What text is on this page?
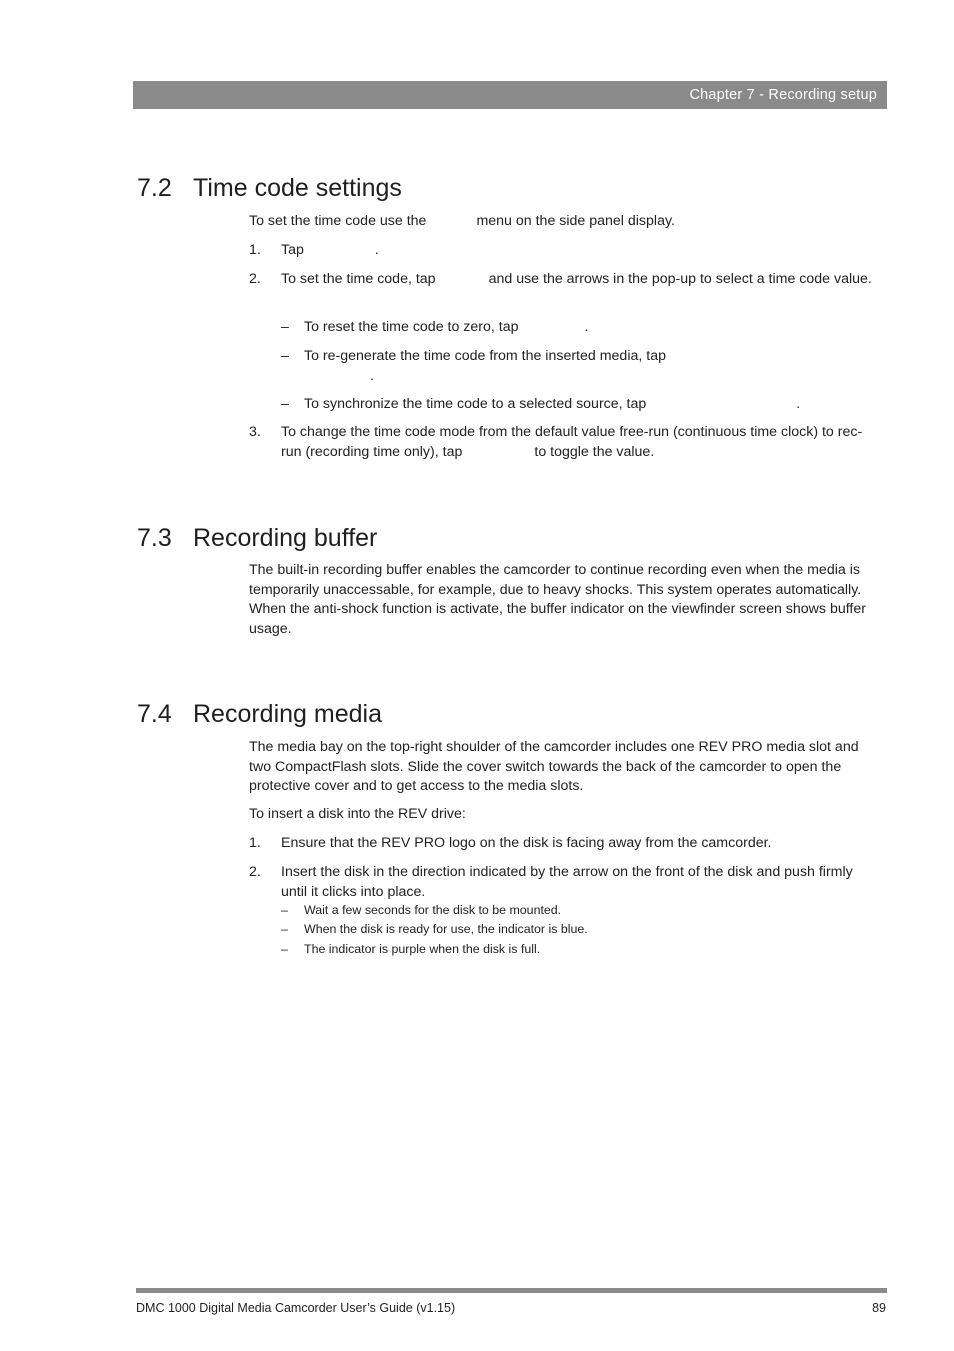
Chapter 7 - Recording setup
7.2 Time code settings

To set the time code use the	menu on the side panel display.

1.	Tap	.
2.	To set the time code, tap	and use the arrows in the pop-up to select a time code value.
– To reset the time code to zero, tap	.
– To re-generate the time code from the inserted media, tap
.
– To synchronize the time code to a selected source, tap	.
3.	To change the time code mode from the default value free-run (continuous time clock) to rec-run (recording time only), tap	to toggle the value.
7.3 Recording buffer

The built-in recording buffer enables the camcorder to continue recording even when the media is temporarily unaccessable, for example, due to heavy shocks. This system operates automatically. When the anti-shock function is activate, the buffer indicator on the viewfinder screen shows buffer usage.

7.4 Recording media

The media bay on the top-right shoulder of the camcorder includes one REV PRO media slot and two CompactFlash slots. Slide the cover switch towards the back of the camcorder to open the protective cover and to get access to the media slots.

To insert a disk into the REV drive:

1.	Ensure that the REV PRO logo on the disk is facing away from the camcorder.
2.	Insert the disk in the direction indicated by the arrow on the front of the disk and push firmly until it clicks into place.
– Wait a few seconds for the disk to be mounted.
– When the disk is ready for use, the indicator is blue.
– The indicator is purple when the disk is full.
DMC 1000 Digital Media Camcorder User’s Guide (v1.15)	89
